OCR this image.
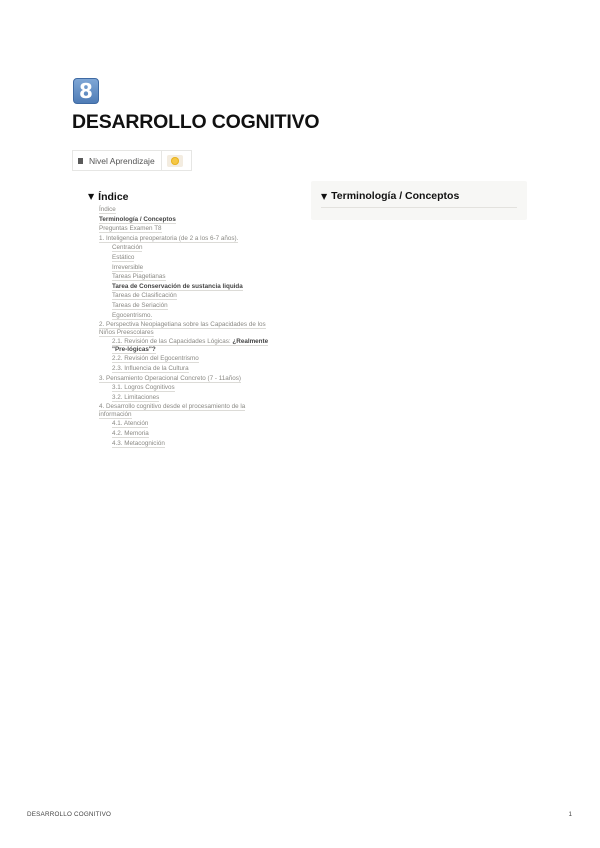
8
DESARROLLO COGNITIVO
Nivel Aprendizaje
▼ Índice

Índice

Terminología / Conceptos

Preguntas Examen T8

1. Inteligencia preoperatoria (de 2 a los 6-7 años).

Centración

Estático

Irreversible

Tareas Piagetianas

Tarea de Conservación de sustancia liquida

Tareas de Clasificación

Tareas de Seriación

Egocentrismo.

2. Perspectiva Neopiagetiana sobre las Capacidades de los Niños Preescolares

2.1. Revisión de las Capacidades Lógicas: ¿Realmente "Pre-lógicas"?

2.2. Revisión del Egocentrismo

2.3. Influencia de la Cultura

3. Pensamiento Operacional Concreto (7 - 11años)

3.1. Logros Cognitivos

3.2. Limitaciones

4. Desarrollo cognitivo desde el procesamiento de la información

4.1. Atención

4.2. Memoria

4.3. Metacognición

▼ Terminología / Conceptos
DESARROLLO COGNITIVO	1
